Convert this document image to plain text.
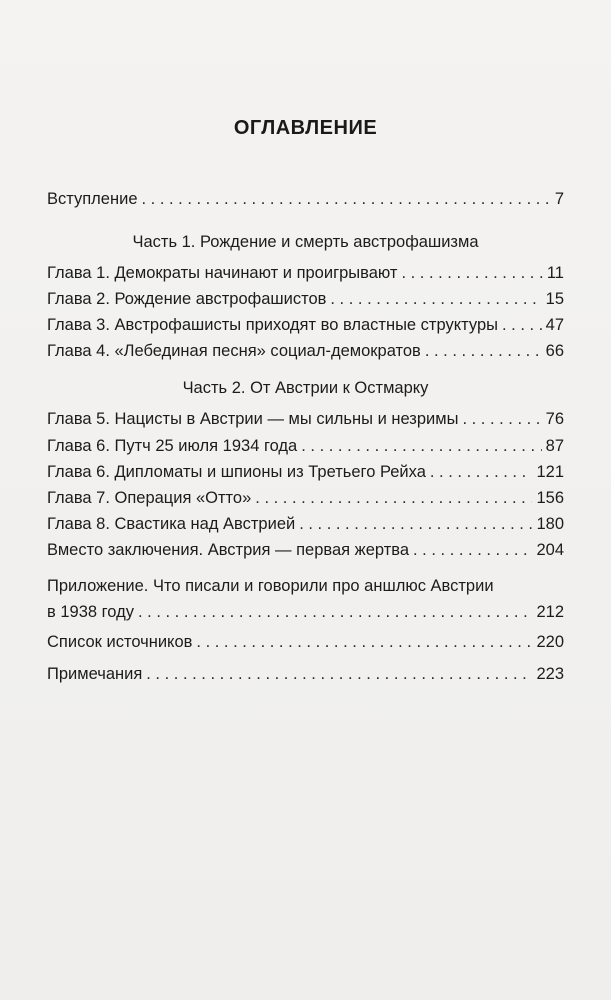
ОГЛАВЛЕНИЕ
Вступление . . .	7
Часть 1. Рождение и смерть австрофашизма
Глава 1. Демократы начинают и проигрывают . . .	11
Глава 2. Рождение австрофашистов . . .	15
Глава 3. Австрофашисты приходят во властные структуры . . .	47
Глава 4. «Лебединая песня» социал-демократов . . .	66
Часть 2. От Австрии к Остмарку
Глава 5. Нацисты в Австрии — мы сильны и незримы . . .	76
Глава 6. Путч 25 июля 1934 года . . .	87
Глава 6. Дипломаты и шпионы из Третьего Рейха . . .	121
Глава 7. Операция «Отто» . . .	156
Глава 8. Свастика над Австрией . . .	180
Вместо заключения. Австрия — первая жертва . . .	204
Приложение. Что писали и говорили про аншлюс Австрии
в 1938 году . . .	212
Список источников . . .	220
Примечания . . .	223
